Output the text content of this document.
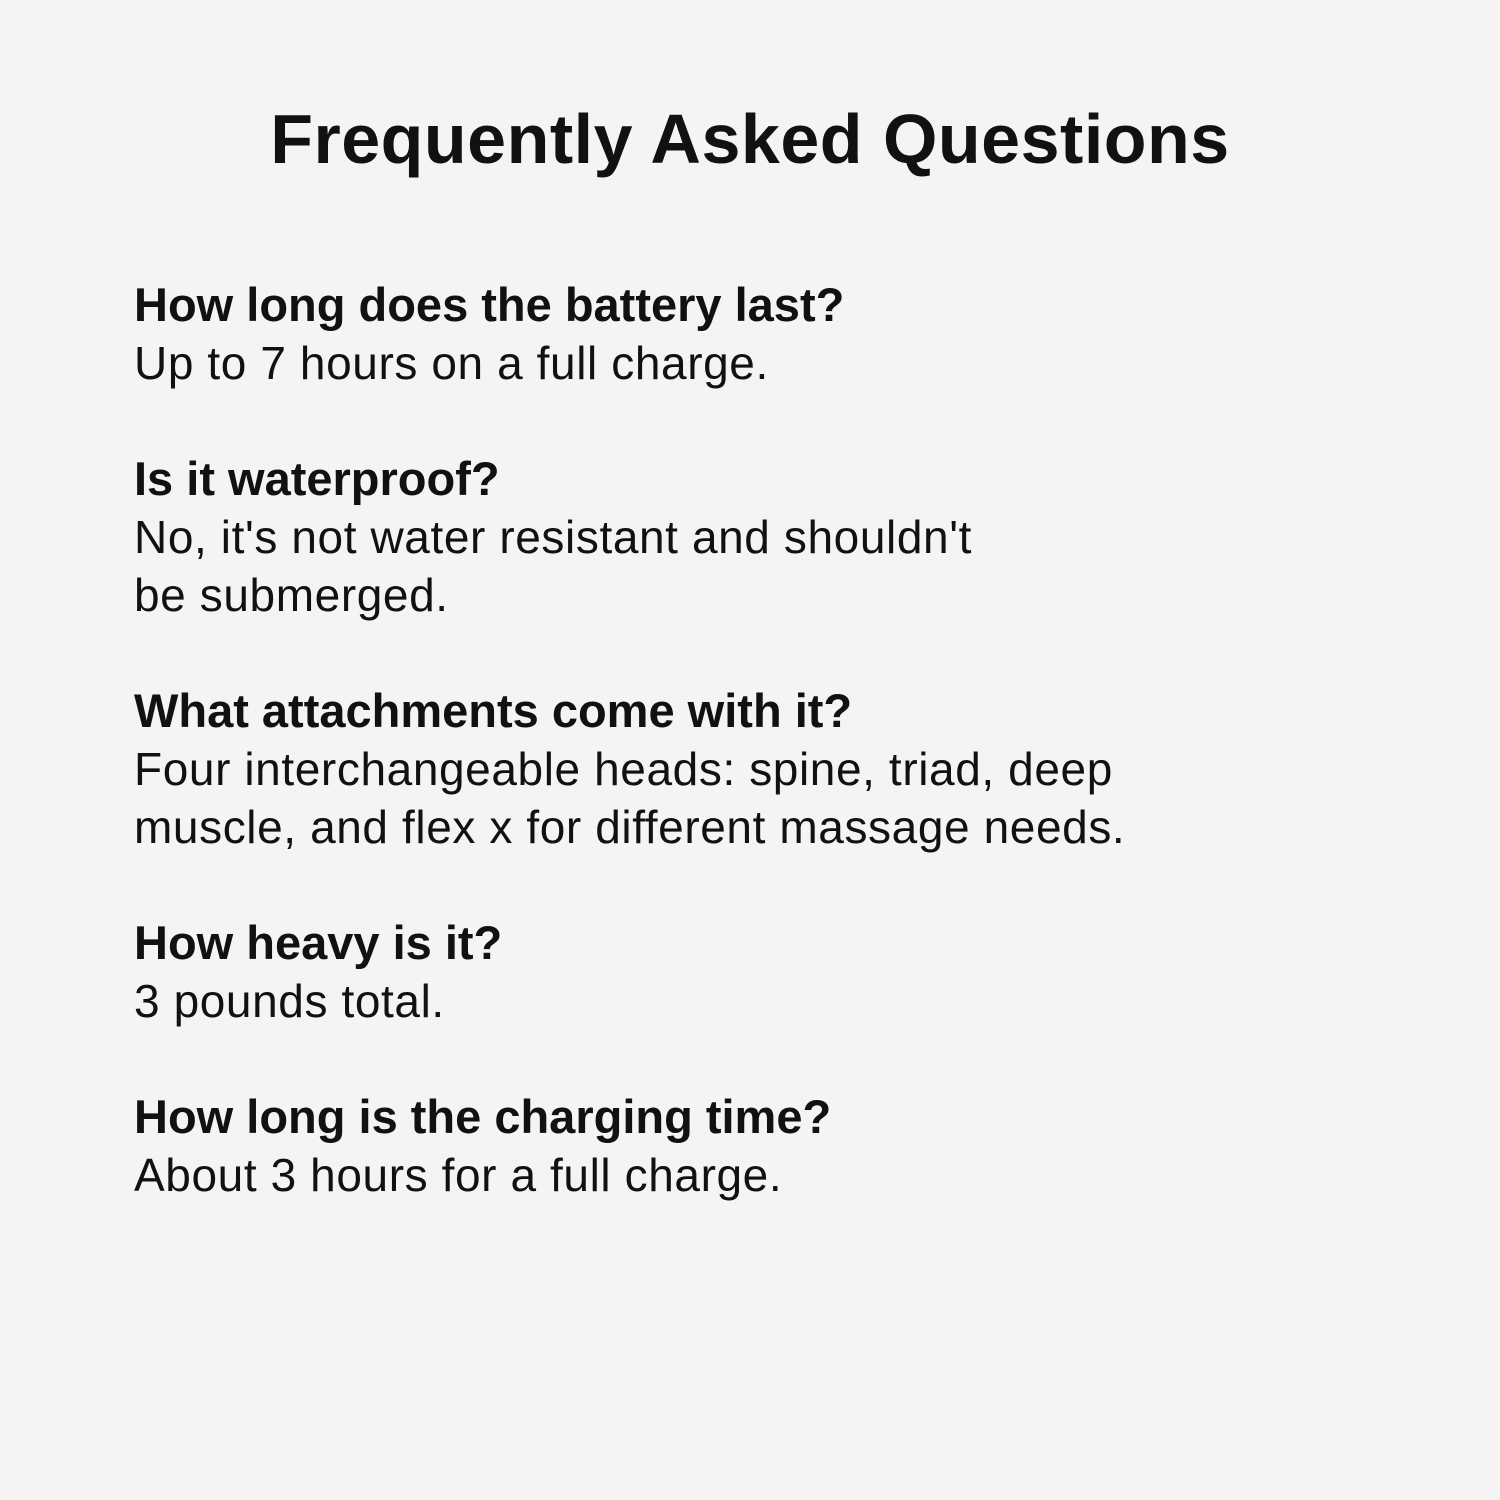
Frequently Asked Questions
How long does the battery last?

Up to 7 hours on a full charge.

Is it waterproof?

No, it's not water resistant and shouldn't

be submerged.

What attachments come with it?

Four interchangeable heads: spine, triad, deep

muscle, and flex x for different massage needs.

How heavy is it?

3 pounds total.

How long is the charging time?

About 3 hours for a full charge.
